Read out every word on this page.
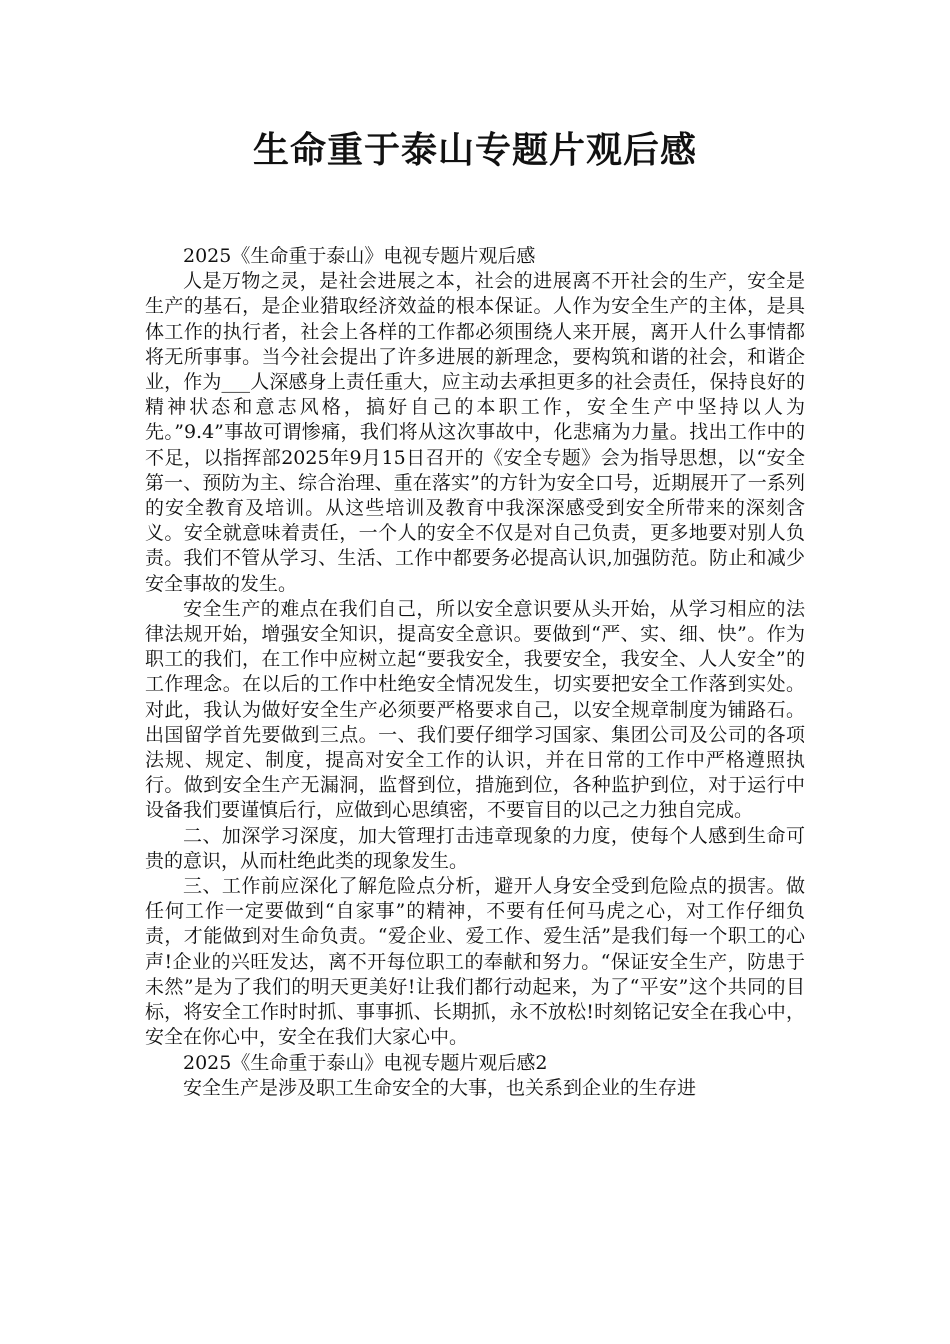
生命重于泰山专题片观后感

2025《生命重于泰山》电视专题片观后感

人是万物之灵，是社会进展之本，社会的进展离不开社会的生产，安全是生产的基石，是企业猎取经济效益的根本保证。人作为安全生产的主体，是具体工作的执行者，社会上各样的工作都必须围绕人来开展，离开人什么事情都将无所事事。当今社会提出了许多进展的新理念，要构筑和谐的社会，和谐企业，作为___人深感身上责任重大，应主动去承担更多的社会责任，保持良好的精神状态和意志风格，搞好自己的本职工作，安全生产中坚持以人为先。”9.4”事故可谓惨痛，我们将从这次事故中，化悲痛为力量。找出工作中的不足，以指挥部2025年9月15日召开的《安全专题》会为指导思想，以“安全第一、预防为主、综合治理、重在落实”的方针为安全口号，近期展开了一系列的安全教育及培训。从这些培训及教育中我深深感受到安全所带来的深刻含义。安全就意味着责任，一个人的安全不仅是对自己负责，更多地要对别人负责。我们不管从学习、生活、工作中都要务必提高认识,加强防范。防止和减少安全事故的发生。

安全生产的难点在我们自己，所以安全意识要从头开始，从学习相应的法律法规开始，增强安全知识，提高安全意识。要做到“严、实、细、快”。作为职工的我们，在工作中应树立起“要我安全，我要安全，我安全、人人安全”的工作理念。在以后的工作中杜绝安全情况发生，切实要把安全工作落到实处。对此，我认为做好安全生产必须要严格要求自己，以安全规章制度为铺路石。出国留学首先要做到三点。一、我们要仔细学习国家、集团公司及公司的各项法规、规定、制度，提高对安全工作的认识，并在日常的工作中严格遵照执行。做到安全生产无漏洞，监督到位，措施到位，各种监护到位，对于运行中设备我们要谨慎后行，应做到心思缜密，不要盲目的以己之力独自完成。

二、加深学习深度，加大管理打击违章现象的力度，使每个人感到生命可贵的意识，从而杜绝此类的现象发生。

三、工作前应深化了解危险点分析，避开人身安全受到危险点的损害。做任何工作一定要做到“自家事”的精神，不要有任何马虎之心，对工作仔细负责，才能做到对生命负责。“爱企业、爱工作、爱生活”是我们每一个职工的心声!企业的兴旺发达，离不开每位职工的奉献和努力。“保证安全生产，防患于未然”是为了我们的明天更美好!让我们都行动起来，为了“平安”这个共同的目标，将安全工作时时抓、事事抓、长期抓，永不放松!时刻铭记安全在我心中，安全在你心中，安全在我们大家心中。

2025《生命重于泰山》电视专题片观后感2

安全生产是涉及职工生命安全的大事，也关系到企业的生存进
